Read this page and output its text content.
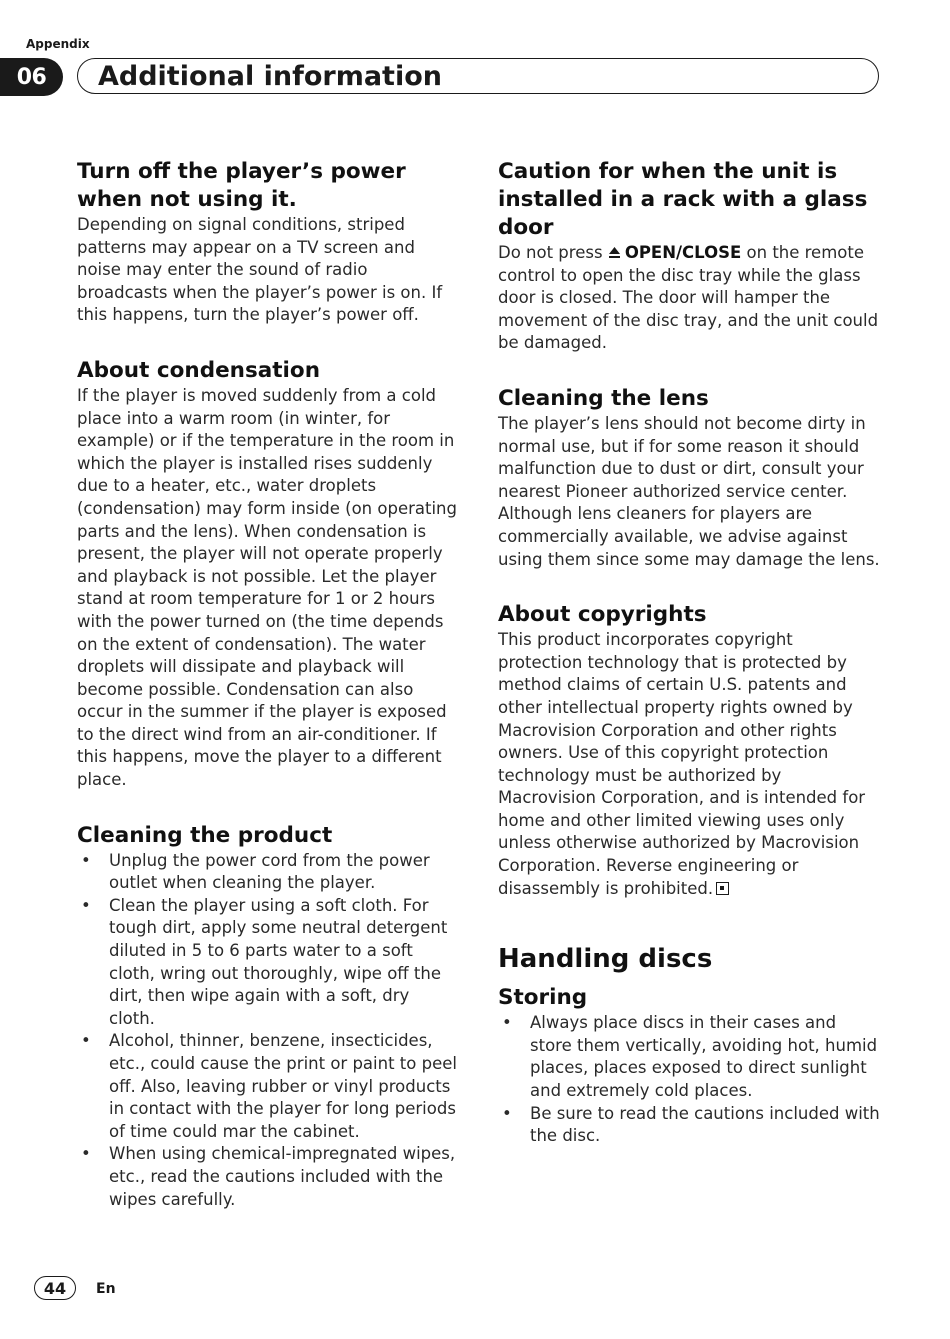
Appendix
06	Additional information
Turn off the player’s power when not using it.

Depending on signal conditions, striped patterns may appear on a TV screen and noise may enter the sound of radio broadcasts when the player’s power is on. If this happens, turn the player’s power off.

About condensation

If the player is moved suddenly from a cold place into a warm room (in winter, for example) or if the temperature in the room in which the player is installed rises suddenly due to a heater, etc., water droplets (condensation) may form inside (on operating parts and the lens). When condensation is present, the player will not operate properly and playback is not possible. Let the player stand at room temperature for 1 or 2 hours with the power turned on (the time depends on the extent of condensation). The water droplets will dissipate and playback will become possible. Condensation can also occur in the summer if the player is exposed to the direct wind from an air-conditioner. If this happens, move the player to a different place.

Cleaning the product
• Unplug the power cord from the power outlet when cleaning the player.
• Clean the player using a soft cloth. For tough dirt, apply some neutral detergent diluted in 5 to 6 parts water to a soft cloth, wring out thoroughly, wipe off the dirt, then wipe again with a soft, dry cloth.
• Alcohol, thinner, benzene, insecticides, etc., could cause the print or paint to peel off. Also, leaving rubber or vinyl products in contact with the player for long periods of time could mar the cabinet.
• When using chemical-impregnated wipes, etc., read the cautions included with the wipes carefully.
Caution for when the unit is installed in a rack with a glass door

Do not press OPEN/CLOSE on the remote control to open the disc tray while the glass door is closed. The door will hamper the movement of the disc tray, and the unit could be damaged.

Cleaning the lens

The player’s lens should not become dirty in normal use, but if for some reason it should malfunction due to dust or dirt, consult your nearest Pioneer authorized service center. Although lens cleaners for players are commercially available, we advise against using them since some may damage the lens.

About copyrights

This product incorporates copyright protection technology that is protected by method claims of certain U.S. patents and other intellectual property rights owned by Macrovision Corporation and other rights owners. Use of this copyright protection technology must be authorized by Macrovision Corporation, and is intended for home and other limited viewing uses only unless otherwise authorized by Macrovision Corporation. Reverse engineering or disassembly is prohibited.

Handling discs
Storing
• Always place discs in their cases and store them vertically, avoiding hot, humid places, places exposed to direct sunlight and extremely cold places.
• Be sure to read the cautions included with the disc.
44	En
